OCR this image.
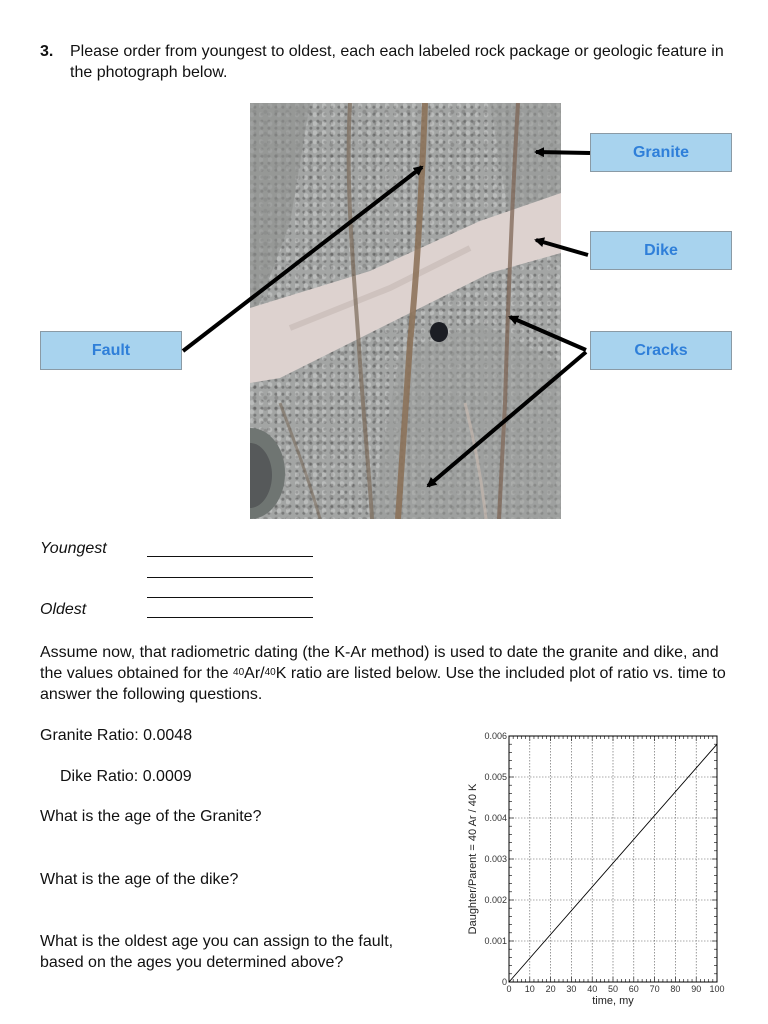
3. Please order from youngest to oldest, each each labeled rock package or geologic feature in the photograph below.
Granite
Dike
Cracks
Fault
Youngest
Oldest
Assume now, that radiometric dating (the K-Ar method) is used to date the granite and dike, and the values obtained for the $^{40}$Ar/$^{40}$K ratio are listed below. Use the included plot of ratio vs. time to answer the following questions.
Granite Ratio: 0.0048
Dike Ratio: 0.0009
What is the age of the Granite?
What is the age of the dike?
What is the oldest age you can assign to the fault,
based on the ages you determined above?
0 10 20 30 40 50 60 70 80 90 100
0
0.001
0.002
0.003
0.004
0.005
0.006
time, my
Daughter/Parent = 40 Ar / 40 K
